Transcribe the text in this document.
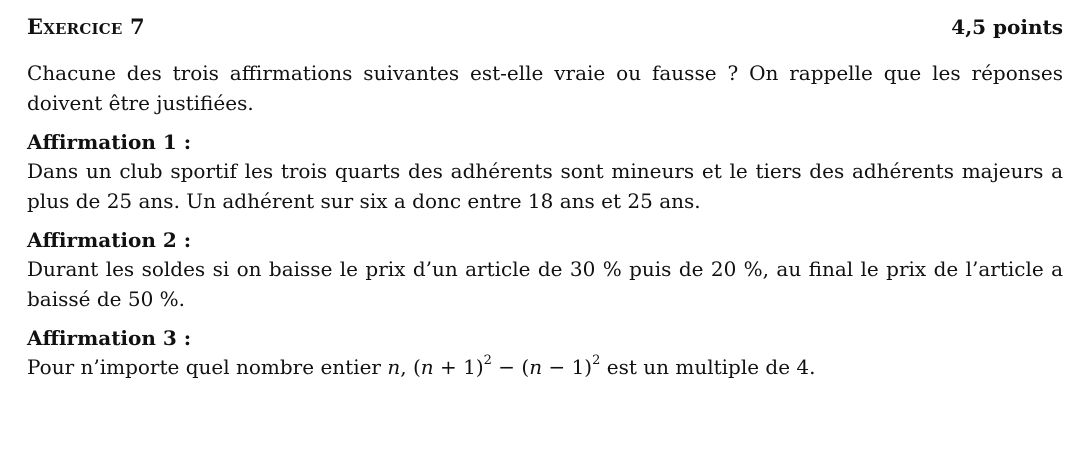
Exercice 7	4,5 points

Chacune des trois affirmations suivantes est-elle vraie ou fausse ? On rappelle que les réponses doivent être justifiées.

Affirmation 1 :

Dans un club sportif les trois quarts des adhérents sont mineurs et le tiers des adhérents majeurs a plus de 25 ans. Un adhérent sur six a donc entre 18 ans et 25 ans.

Affirmation 2 :

Durant les soldes si on baisse le prix d’un article de 30 % puis de 20 %, au final le prix de l’article a baissé de 50 %.

Affirmation 3 :

Pour n’importe quel nombre entier n, $(n + 1)^2 - (n - 1)^2$ est un multiple de 4.
